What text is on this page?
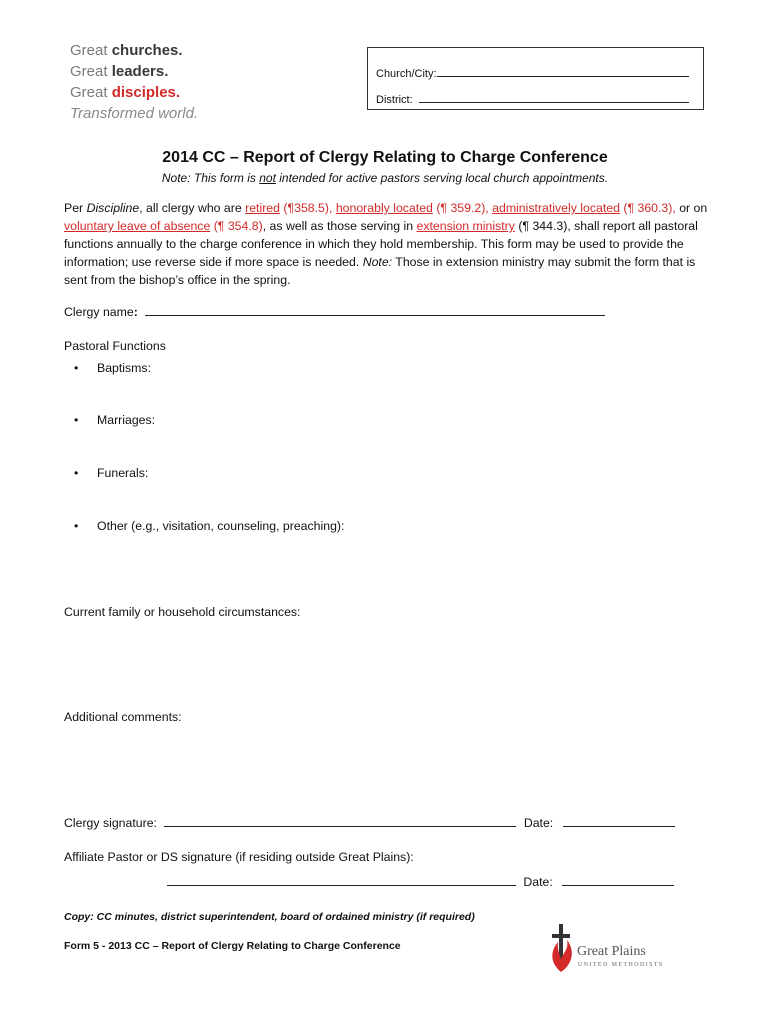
Great churches.
Great leaders.
Great disciples.
Transformed world.
Church/City:
District:
2014 CC – Report of Clergy Relating to Charge Conference
Note: This form is not intended for active pastors serving local church appointments.
Per Discipline, all clergy who are retired (¶358.5), honorably located (¶ 359.2), administratively located (¶ 360.3), or on voluntary leave of absence (¶ 354.8), as well as those serving in extension ministry (¶ 344.3), shall report all pastoral functions annually to the charge conference in which they hold membership. This form may be used to provide the information; use reverse side if more space is needed. Note: Those in extension ministry may submit the form that is sent from the bishop’s office in the spring.
Clergy name:
Pastoral Functions
• Baptisms:
• Marriages:
• Funerals:
• Other (e.g., visitation, counseling, preaching):
Current family or household circumstances:
Additional comments:
Clergy signature:	Date:
Affiliate Pastor or DS signature (if residing outside Great Plains):
Date:
Copy: CC minutes, district superintendent, board of ordained ministry (if required)
Form 5 - 2013 CC – Report of Clergy Relating to Charge Conference	Great Plains
UNITED METHODISTS
